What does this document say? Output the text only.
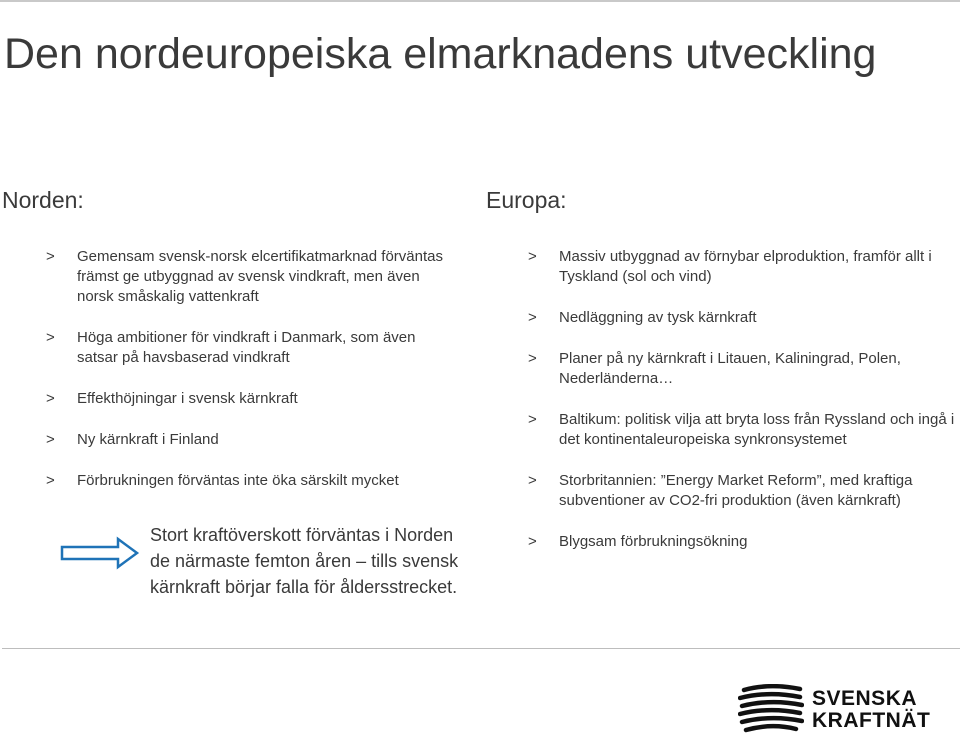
Den nordeuropeiska elmarknadens utveckling
Norden:	Europa:
> Gemensam svensk-norsk elcertifikatmarknad förväntas främst ge utbyggnad av svensk vindkraft, men även norsk småskalig vattenkraft
> Höga ambitioner för vindkraft i Danmark, som även satsar på havsbaserad vindkraft
> Effekthöjningar i svensk kärnkraft
> Ny kärnkraft i Finland
> Förbrukningen förväntas inte öka särskilt mycket

Stort kraftöverskott förväntas i Norden de närmaste femton åren – tills svensk kärnkraft börjar falla för åldersstrecket.

> Massiv utbyggnad av förnybar elproduktion, framför allt i Tyskland (sol och vind)
> Nedläggning av tysk kärnkraft
> Planer på ny kärnkraft i Litauen, Kaliningrad, Polen, Nederländerna…
> Baltikum: politisk vilja att bryta loss från Ryssland och ingå i det kontinentaleuropeiska synkronsystemet
> Storbritannien: ”Energy Market Reform”, med kraftiga subventioner av CO2-fri produktion (även kärnkraft)
> Blygsam förbrukningsökning
SVENSKA
KRAFTNÄT
